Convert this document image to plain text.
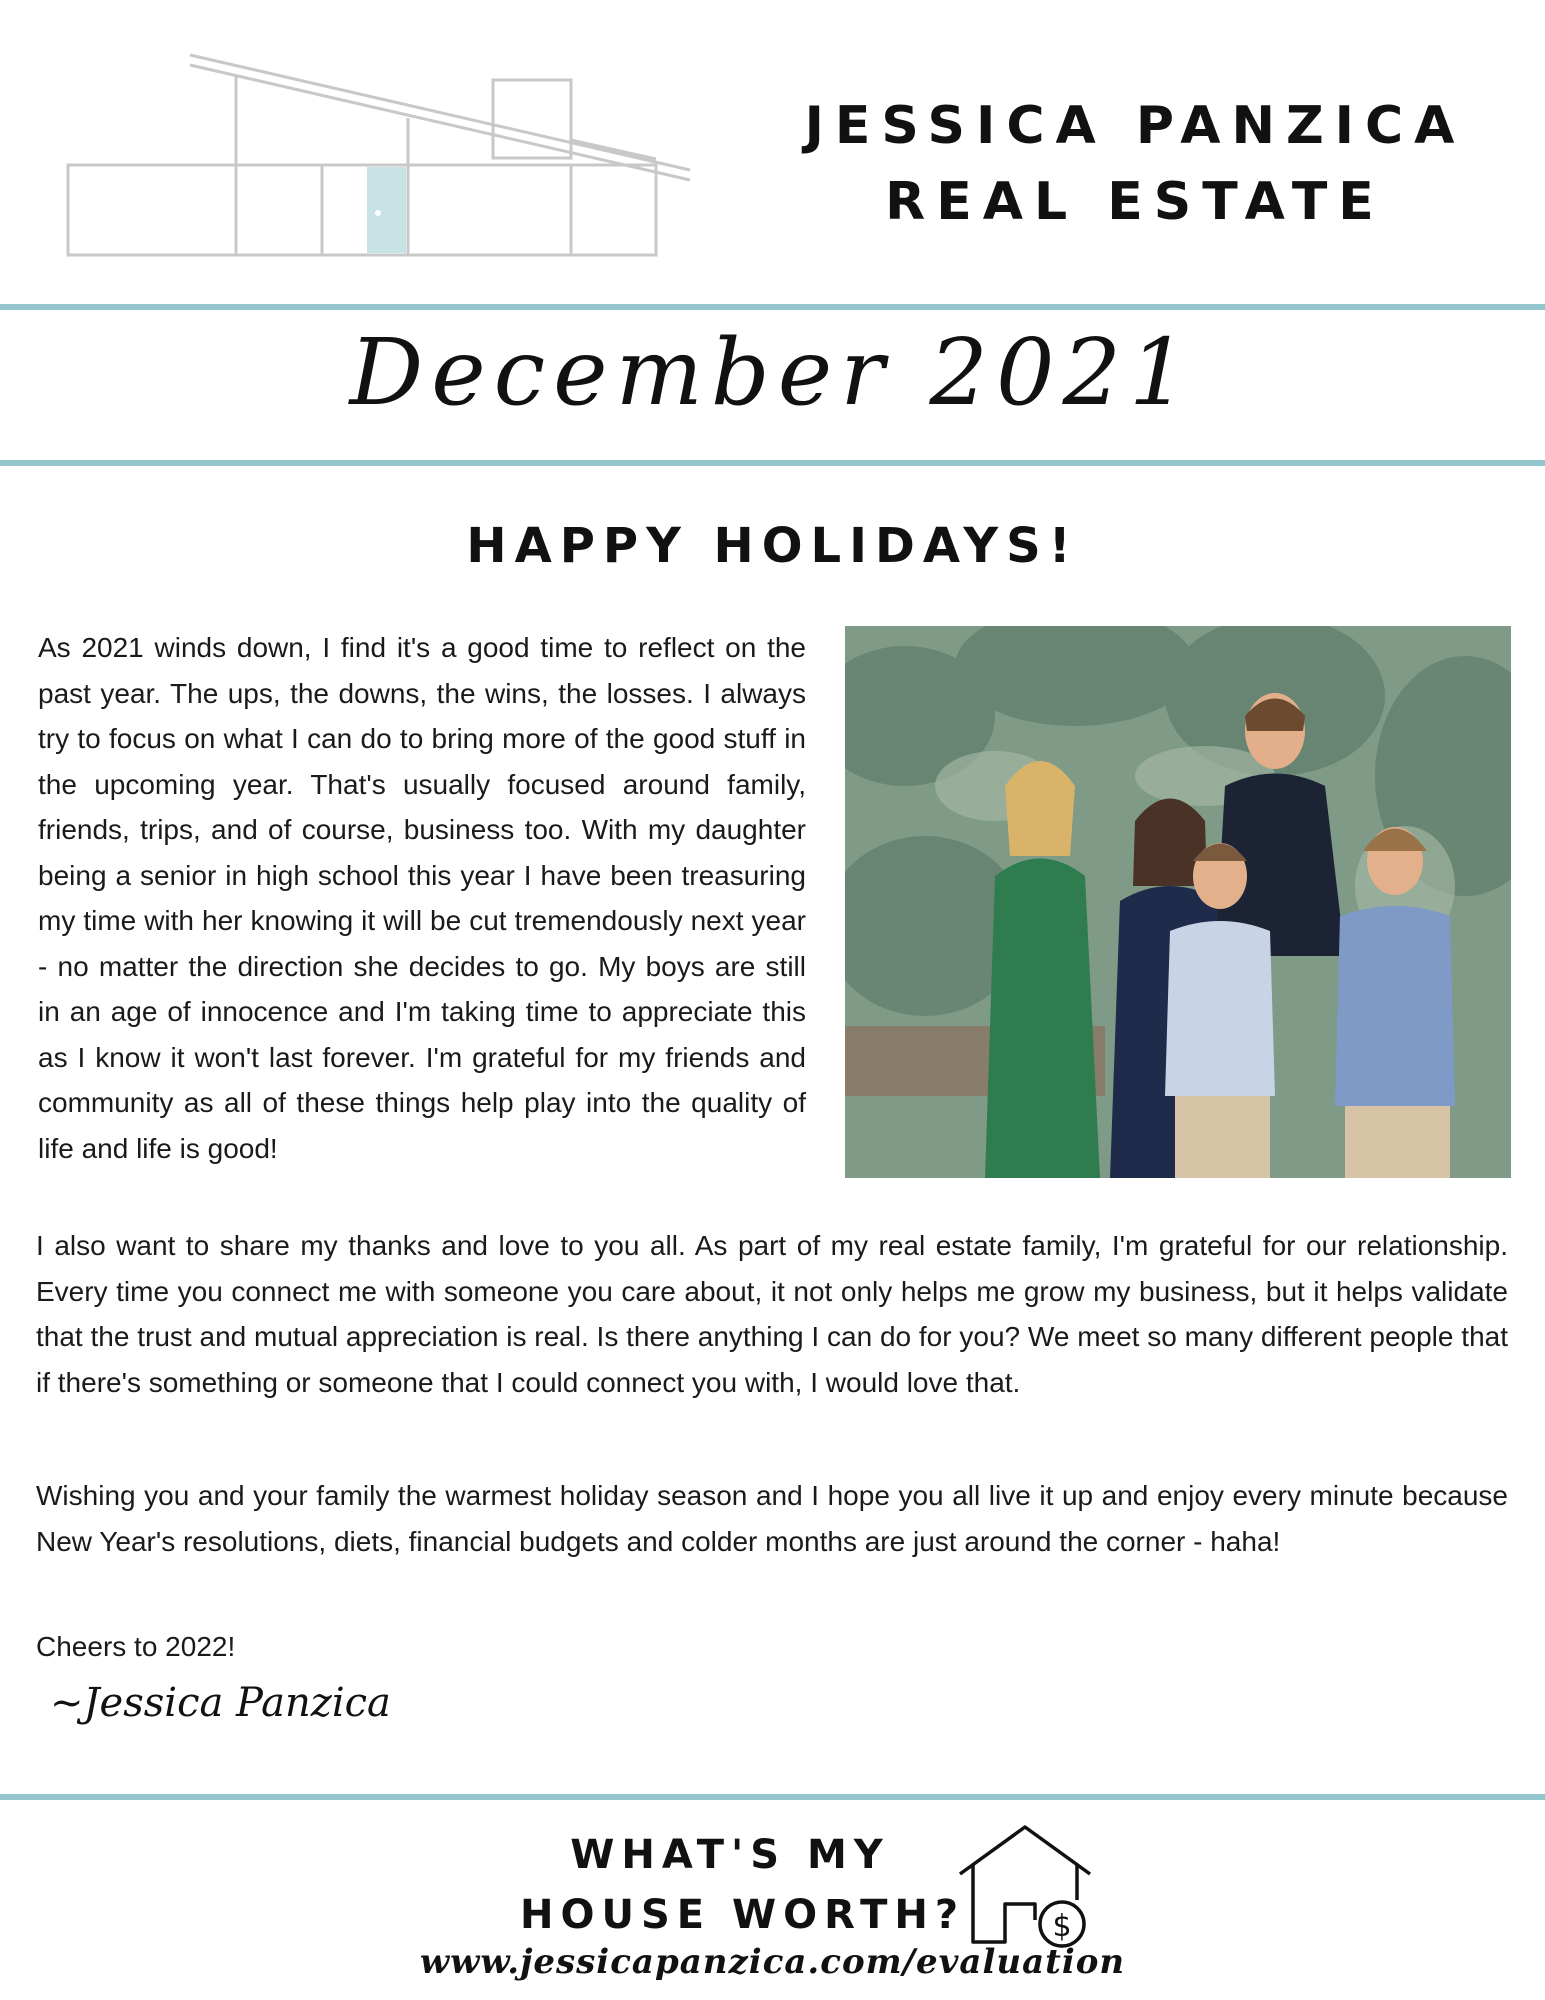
JESSICA PANZICA
REAL ESTATE
December 2021
HAPPY HOLIDAYS!

As 2021 winds down, I find it's a good time to reflect on the past year. The ups, the downs, the wins, the losses. I always try to focus on what I can do to bring more of the good stuff in the upcoming year. That's usually focused around family, friends, trips, and of course, business too. With my daughter being a senior in high school this year I have been treasuring my time with her knowing it will be cut tremendously next year - no matter the direction she decides to go. My boys are still in an age of innocence and I'm taking time to appreciate this as I know it won't last forever. I'm grateful for my friends and community as all of these things help play into the quality of life and life is good!

I also want to share my thanks and love to you all. As part of my real estate family, I'm grateful for our relationship. Every time you connect me with someone you care about, it not only helps me grow my business, but it helps validate that the trust and mutual appreciation is real. Is there anything I can do for you? We meet so many different people that if there's something or someone that I could connect you with, I would love that.

Wishing you and your family the warmest holiday season and I hope you all live it up and enjoy every minute because New Year's resolutions, diets, financial budgets and colder months are just around the corner - haha!

Cheers to 2022!

~Jessica Panzica
WHAT'S MY
HOUSE WORTH?	$
www.jessicapanzica.com/evaluation
